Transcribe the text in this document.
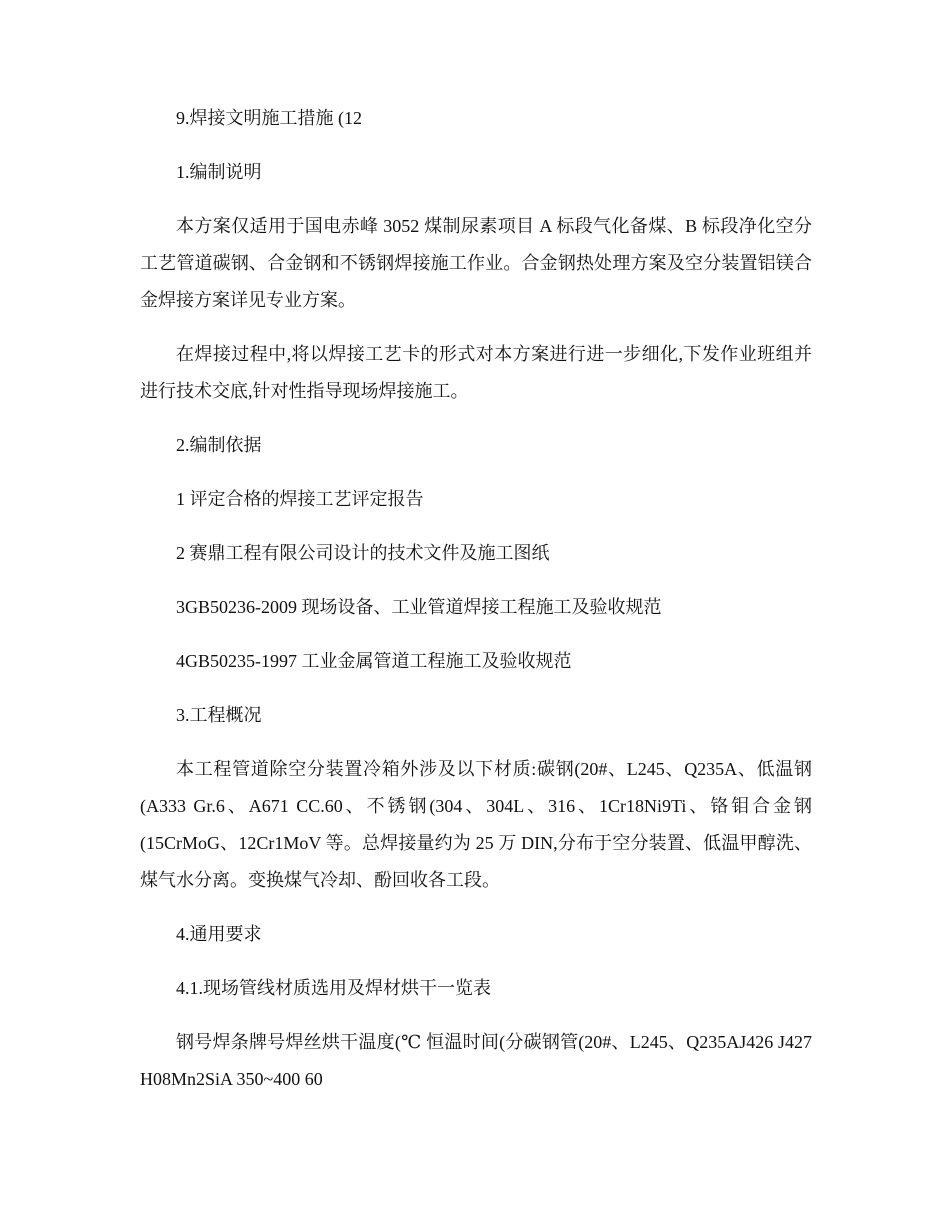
9.焊接文明施工措施 (12

1.编制说明

本方案仅适用于国电赤峰 3052 煤制尿素项目 A 标段气化备煤、B 标段净化空分工艺管道碳钢、合金钢和不锈钢焊接施工作业。合金钢热处理方案及空分装置铝镁合金焊接方案详见专业方案。

在焊接过程中,将以焊接工艺卡的形式对本方案进行进一步细化,下发作业班组并进行技术交底,针对性指导现场焊接施工。

2.编制依据

1 评定合格的焊接工艺评定报告

2 赛鼎工程有限公司设计的技术文件及施工图纸

3GB50236-2009 现场设备、工业管道焊接工程施工及验收规范

4GB50235-1997 工业金属管道工程施工及验收规范

3.工程概况

本工程管道除空分装置冷箱外涉及以下材质:碳钢(20#、L245、Q235A、低温钢(A333 Gr.6、A671 CC.60、不锈钢(304、304L、316、1Cr18Ni9Ti、铬钼合金钢(15CrMoG、12Cr1MoV 等。总焊接量约为 25 万 DIN,分布于空分装置、低温甲醇洗、煤气水分离。变换煤气冷却、酚回收各工段。

4.通用要求

4.1.现场管线材质选用及焊材烘干一览表

钢号焊条牌号焊丝烘干温度(℃ 恒温时间(分碳钢管(20#、L245、Q235AJ426 J427 H08Mn2SiA 350~400 60
